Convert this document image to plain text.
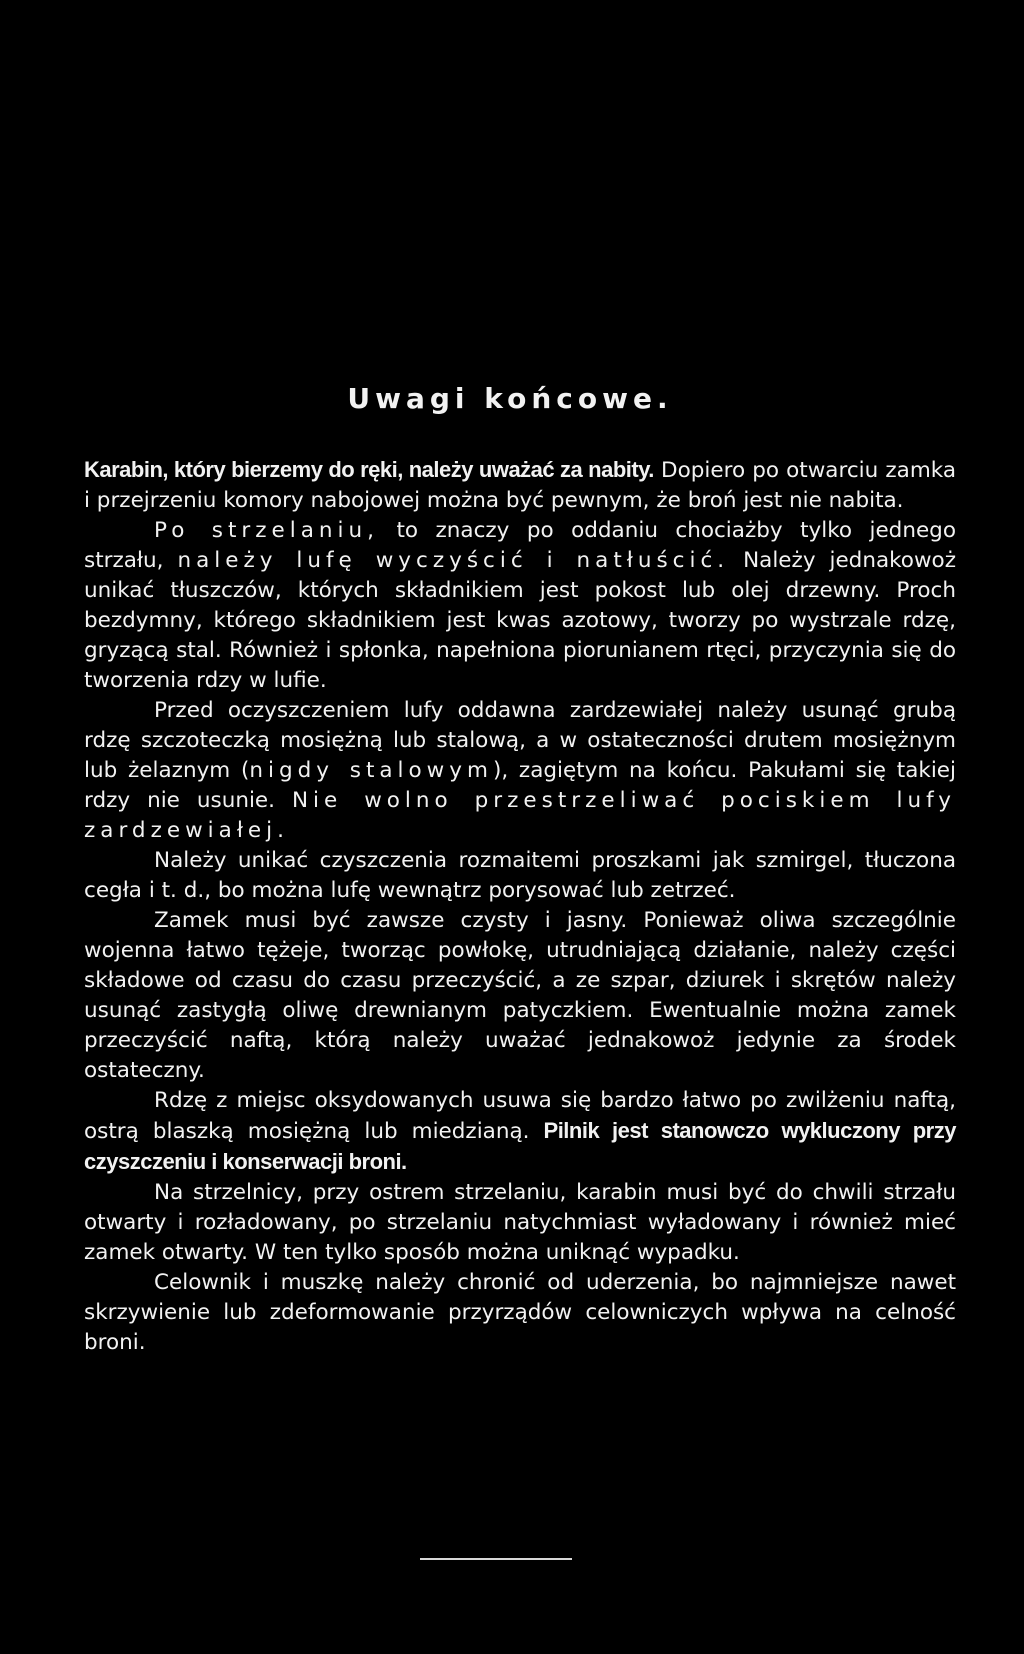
Uwagi końcowe.

Karabin, który bierzemy do ręki, należy uważać za nabity. Dopiero po otwarciu zamka i przejrzeniu komory nabojowej można być pewnym, że broń jest nie nabita.

Po strzelaniu, to znaczy po oddaniu chociażby tylko jednego strzału, należy lufę wyczyścić i natłuścić. Należy jednakowoż unikać tłuszczów, których składnikiem jest pokost lub olej drzewny. Proch bezdymny, którego składnikiem jest kwas azotowy, tworzy po wystrzale rdzę, gryzącą stal. Również i spłonka, napełniona piorunianem rtęci, przyczynia się do tworzenia rdzy w lufie.

Przed oczyszczeniem lufy oddawna zardzewiałej należy usunąć grubą rdzę szczoteczką mosiężną lub stalową, a w ostateczności drutem mosiężnym lub żelaznym (nigdy stalowym), zagiętym na końcu. Pakułami się takiej rdzy nie usunie. Nie wolno przestrzeliwać pociskiem lufy zardzewiałej.

Należy unikać czyszczenia rozmaitemi proszkami jak szmirgel, tłuczona cegła i t. d., bo można lufę wewnątrz porysować lub zetrzeć.

Zamek musi być zawsze czysty i jasny. Ponieważ oliwa szczególnie wojenna łatwo tężeje, tworząc powłokę, utrudniającą działanie, należy części składowe od czasu do czasu przeczyścić, a ze szpar, dziurek i skrętów należy usunąć zastygłą oliwę drewnianym patyczkiem. Ewentualnie można zamek przeczyścić naftą, którą należy uważać jednakowoż jedynie za środek ostateczny.

Rdzę z miejsc oksydowanych usuwa się bardzo łatwo po zwilżeniu naftą, ostrą blaszką mosiężną lub miedzianą. Pilnik jest stanowczo wykluczony przy czyszczeniu i konserwacji broni.

Na strzelnicy, przy ostrem strzelaniu, karabin musi być do chwili strzału otwarty i rozładowany, po strzelaniu natychmiast wyładowany i również mieć zamek otwarty. W ten tylko sposób można uniknąć wypadku.

Celownik i muszkę należy chronić od uderzenia, bo najmniejsze nawet skrzywienie lub zdeformowanie przyrządów celowniczych wpływa na celność broni.
